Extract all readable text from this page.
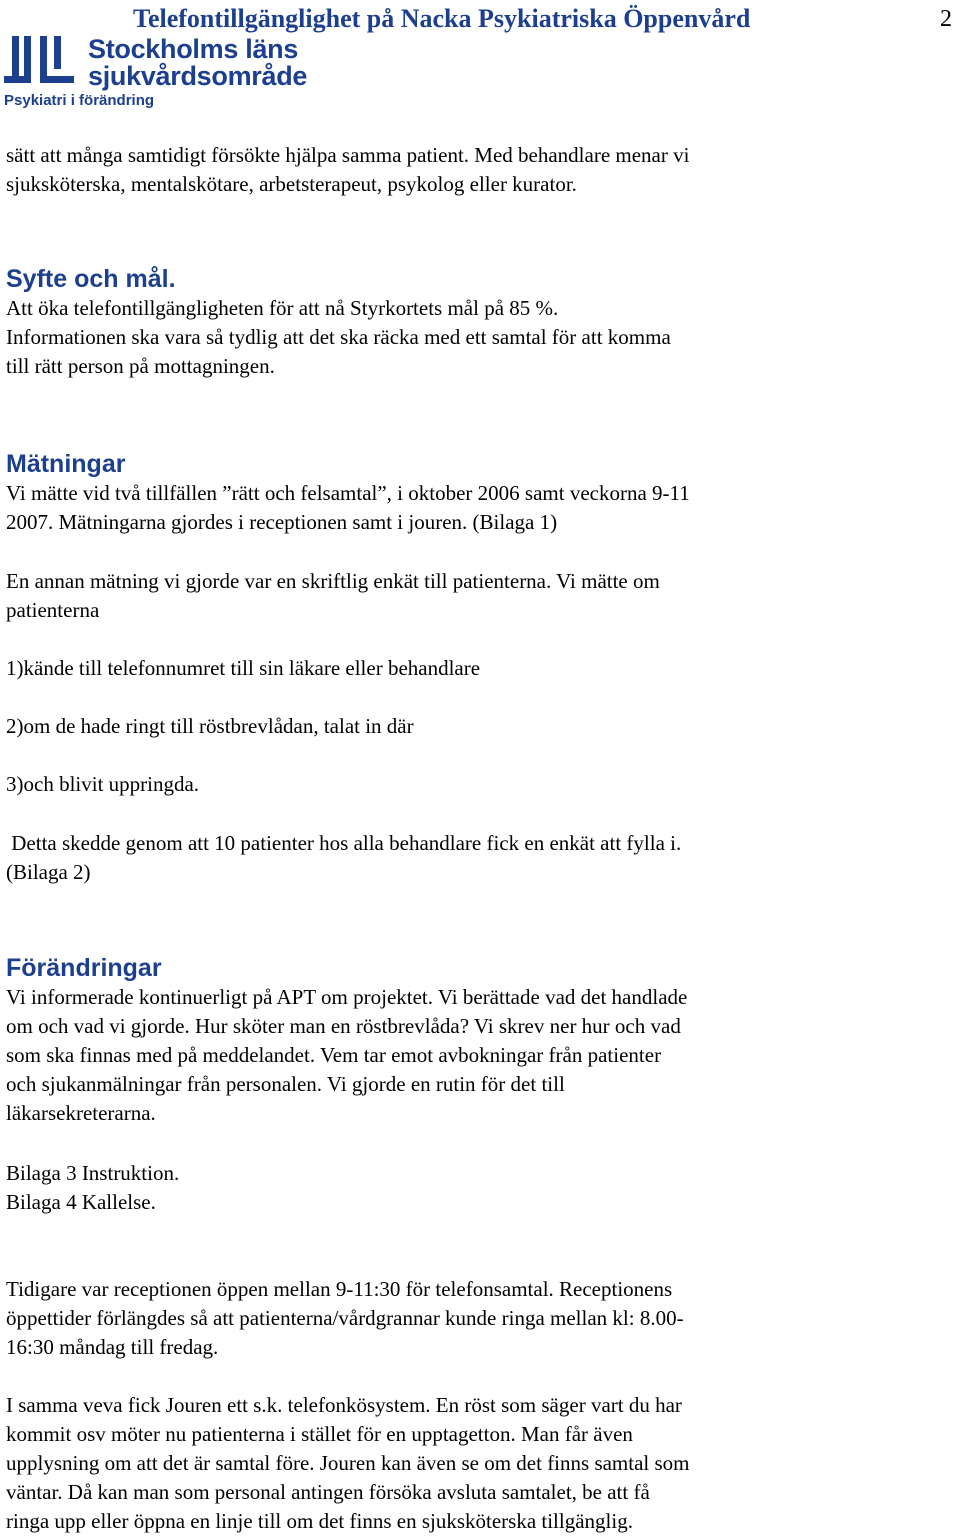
Telefontillgänglighet på Nacka Psykiatriska Öppenvård	2
Stockholms läns
sjukvårdsområde
Psykiatri i förändring

sätt att många samtidigt försökte hjälpa samma patient. Med behandlare menar vi

sjuksköterska, mentalskötare, arbetsterapeut, psykolog eller kurator.

Syfte och mål.

Att öka telefontillgängligheten för att nå Styrkortets mål på 85 %.

Informationen ska vara så tydlig att det ska räcka med ett samtal för att komma

till rätt person på mottagningen.

Mätningar

Vi mätte vid två tillfällen ”rätt och felsamtal”, i oktober 2006 samt veckorna 9-11

2007. Mätningarna gjordes i receptionen samt i jouren. (Bilaga 1)

En annan mätning vi gjorde var en skriftlig enkät till patienterna. Vi mätte om

patienterna

1)kände till telefonnumret till sin läkare eller behandlare

2)om de hade ringt till röstbrevlådan, talat in där

3)och blivit uppringda.

Detta skedde genom att 10 patienter hos alla behandlare fick en enkät att fylla i.

(Bilaga 2)

Förändringar

Vi informerade kontinuerligt på APT om projektet. Vi berättade vad det handlade

om och vad vi gjorde. Hur sköter man en röstbrevlåda? Vi skrev ner hur och vad

som ska finnas med på meddelandet. Vem tar emot avbokningar från patienter

och sjukanmälningar från personalen. Vi gjorde en rutin för det till

läkarsekreterarna.

Bilaga 3 Instruktion.

Bilaga 4 Kallelse.

Tidigare var receptionen öppen mellan 9-11:30 för telefonsamtal. Receptionens

öppettider förlängdes så att patienterna/vårdgrannar kunde ringa mellan kl: 8.00-

16:30 måndag till fredag.

I samma veva fick Jouren ett s.k. telefonkösystem. En röst som säger vart du har

kommit osv möter nu patienterna i stället för en upptagetton. Man får även

upplysning om att det är samtal före. Jouren kan även se om det finns samtal som

väntar. Då kan man som personal antingen försöka avsluta samtalet, be att få

ringa upp eller öppna en linje till om det finns en sjuksköterska tillgänglig.
